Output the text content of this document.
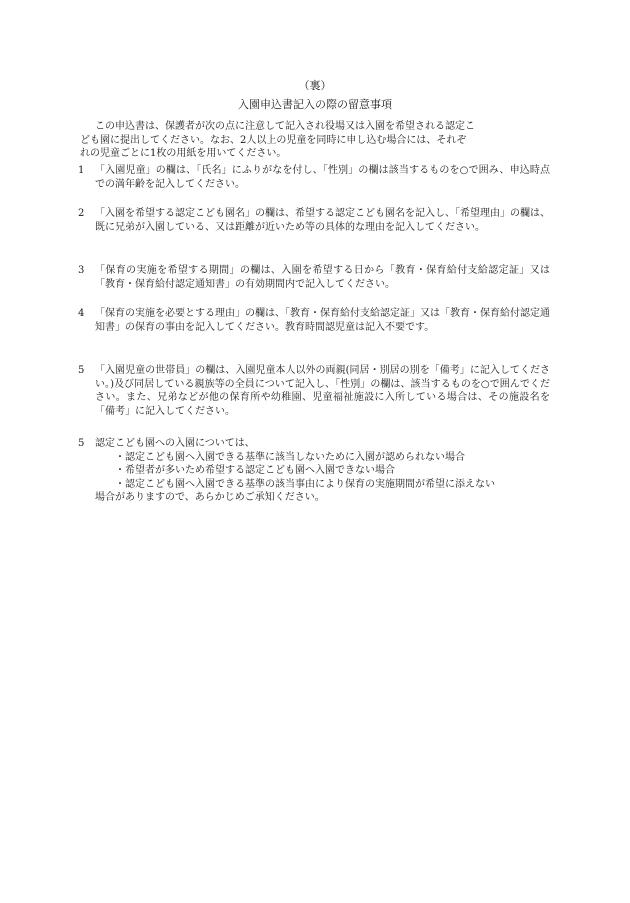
（裏）
入園申込書記入の際の留意事項
この申込書は、保護者が次の点に注意して記入され役場又は入園を希望される認定こ
ども園に提出してください。なお、2人以上の児童を同時に申し込む場合には、それぞ
れの児童ごとに1枚の用紙を用いてください。
1	「入園児童」の欄は、「氏名」にふりがなを付し、「性別」の欄は該当するものを○で囲み、申込時点での満年齢を記入してください。
2	「入園を希望する認定こども園名」の欄は、希望する認定こども園名を記入し、「希望理由」の欄は、既に兄弟が入園している、又は距離が近いため等の具体的な理由を記入してください。
3	「保育の実施を希望する期間」の欄は、入園を希望する日から「教育・保育給付支給認定証」又は「教育・保育給付認定通知書」の有効期間内で記入してください。
4	「保育の実施を必要とする理由」の欄は、「教育・保育給付支給認定証」又は「教育・保育給付認定通知書」の保育の事由を記入してください。教育時間認児童は記入不要です。
5	「入園児童の世帯員」の欄は、入園児童本人以外の両親(同居・別居の別を「備考」に記入してください。)及び同居している親族等の全員について記入し、「性別」の欄は、該当するものを○で囲んでください。また、兄弟などが他の保育所や幼稚園、児童福祉施設に入所している場合は、その施設名を「備考」に記入してください。
5	認定こども園への入園については、
・認定こども園へ入園できる基準に該当しないために入園が認められない場合
・希望者が多いため希望する認定こども園へ入園できない場合
・認定こども園へ入園できる基準の該当事由により保育の実施期間が希望に添えない
場合がありますので、あらかじめご承知ください。
